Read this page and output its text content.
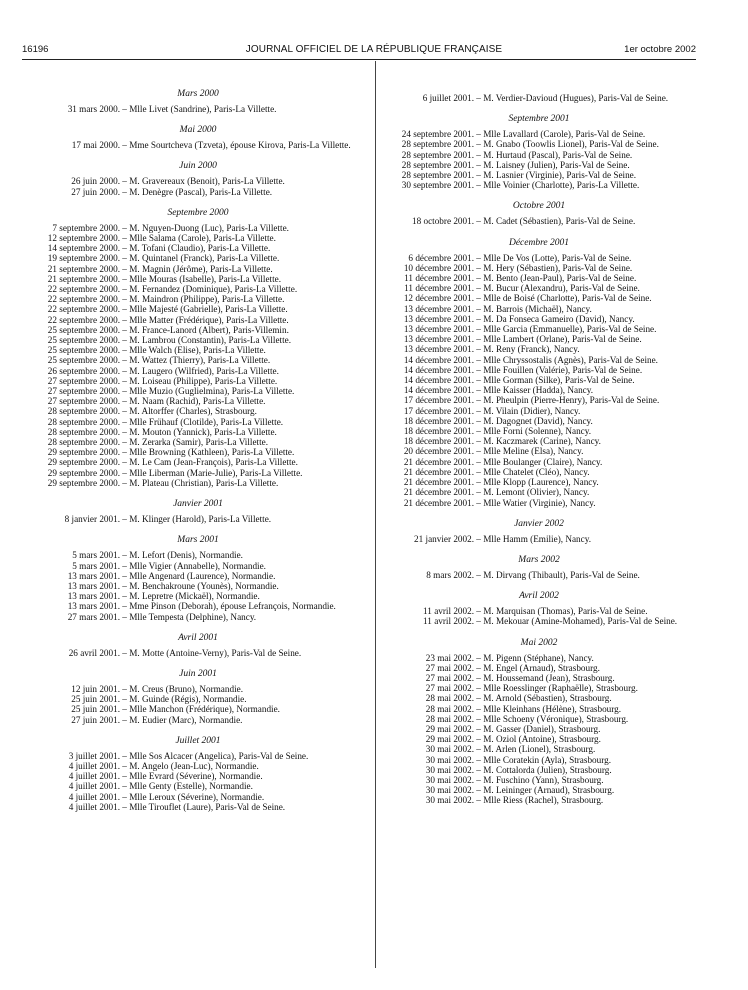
16196	JOURNAL OFFICIEL DE LA RÉPUBLIQUE FRANÇAISE	1er octobre 2002
Mars 2000
31 mars 2000. – Mlle Livet (Sandrine), Paris-La Villette.
Mai 2000
17 mai 2000. – Mme Sourtcheva (Tzveta), épouse Kirova, Paris-La Villette.
Juin 2000
26 juin 2000. – M. Gravereaux (Benoit), Paris-La Villette.
27 juin 2000. – M. Denègre (Pascal), Paris-La Villette.
Septembre 2000
7 septembre 2000. – M. Nguyen-Duong (Luc), Paris-La Villette.
12 septembre 2000. – Mlle Salama (Carole), Paris-La Villette.
14 septembre 2000. – M. Tofani (Claudio), Paris-La Villette.
19 septembre 2000. – M. Quintanel (Franck), Paris-La Villette.
21 septembre 2000. – M. Magnin (Jérôme), Paris-La Villette.
21 septembre 2000. – Mlle Mouras (Isabelle), Paris-La Villette.
22 septembre 2000. – M. Fernandez (Dominique), Paris-La Villette.
22 septembre 2000. – M. Maindron (Philippe), Paris-La Villette.
22 septembre 2000. – Mlle Majesté (Gabrielle), Paris-La Villette.
22 septembre 2000. – Mlle Matter (Frédérique), Paris-La Villette.
25 septembre 2000. – M. France-Lanord (Albert), Paris-Villemin.
25 septembre 2000. – M. Lambrou (Constantin), Paris-La Villette.
25 septembre 2000. – Mlle Walch (Elise), Paris-La Villette.
25 septembre 2000. – M. Wattez (Thierry), Paris-La Villette.
26 septembre 2000. – M. Laugero (Wilfried), Paris-La Villette.
27 septembre 2000. – M. Loiseau (Philippe), Paris-La Villette.
27 septembre 2000. – Mlle Muzio (Guglielmina), Paris-La Villette.
27 septembre 2000. – M. Naam (Rachid), Paris-La Villette.
28 septembre 2000. – M. Altorffer (Charles), Strasbourg.
28 septembre 2000. – Mlle Frühauf (Clotilde), Paris-La Villette.
28 septembre 2000. – M. Mouton (Yannick), Paris-La Villette.
28 septembre 2000. – M. Zerarka (Samir), Paris-La Villette.
29 septembre 2000. – Mlle Browning (Kathleen), Paris-La Villette.
29 septembre 2000. – M. Le Cam (Jean-François), Paris-La Villette.
29 septembre 2000. – Mlle Liberman (Marie-Julie), Paris-La Villette.
29 septembre 2000. – M. Plateau (Christian), Paris-La Villette.
Janvier 2001
8 janvier 2001. – M. Klinger (Harold), Paris-La Villette.
Mars 2001
5 mars 2001. – M. Lefort (Denis), Normandie.
5 mars 2001. – Mlle Vigier (Annabelle), Normandie.
13 mars 2001. – Mlle Angenard (Laurence), Normandie.
13 mars 2001. – M. Benchakroune (Younès), Normandie.
13 mars 2001. – M. Lepretre (Mickaël), Normandie.
13 mars 2001. – Mme Pinson (Deborah), épouse Lefrançois, Normandie.
27 mars 2001. – Mlle Tempesta (Delphine), Nancy.
Avril 2001
26 avril 2001. – M. Motte (Antoine-Verny), Paris-Val de Seine.
Juin 2001
12 juin 2001. – M. Creus (Bruno), Normandie.
25 juin 2001. – M. Guinde (Régis), Normandie.
25 juin 2001. – Mlle Manchon (Frédérique), Normandie.
27 juin 2001. – M. Eudier (Marc), Normandie.
Juillet 2001
3 juillet 2001. – Mlle Sos Alcacer (Angelica), Paris-Val de Seine.
4 juillet 2001. – M. Angelo (Jean-Luc), Normandie.
4 juillet 2001. – Mlle Evrard (Séverine), Normandie.
4 juillet 2001. – Mlle Genty (Estelle), Normandie.
4 juillet 2001. – Mlle Leroux (Séverine), Normandie.
4 juillet 2001. – Mlle Tirouflet (Laure), Paris-Val de Seine.
6 juillet 2001. – M. Verdier-Davioud (Hugues), Paris-Val de Seine.
Septembre 2001
24 septembre 2001. – Mlle Lavallard (Carole), Paris-Val de Seine.
28 septembre 2001. – M. Gnabo (Toowlis Lionel), Paris-Val de Seine.
28 septembre 2001. – M. Hurtaud (Pascal), Paris-Val de Seine.
28 septembre 2001. – M. Laisney (Julien), Paris-Val de Seine.
28 septembre 2001. – M. Lasnier (Virginie), Paris-Val de Seine.
30 septembre 2001. – Mlle Voinier (Charlotte), Paris-La Villette.
Octobre 2001
18 octobre 2001. – M. Cadet (Sébastien), Paris-Val de Seine.
Décembre 2001
6 décembre 2001. – Mlle De Vos (Lotte), Paris-Val de Seine.
10 décembre 2001. – M. Hery (Sébastien), Paris-Val de Seine.
11 décembre 2001. – M. Bento (Jean-Paul), Paris-Val de Seine.
11 décembre 2001. – M. Bucur (Alexandru), Paris-Val de Seine.
12 décembre 2001. – Mlle de Boisé (Charlotte), Paris-Val de Seine.
13 décembre 2001. – M. Barrois (Michaël), Nancy.
13 décembre 2001. – M. Da Fonseca Gameiro (David), Nancy.
13 décembre 2001. – Mlle Garcia (Emmanuelle), Paris-Val de Seine.
13 décembre 2001. – Mlle Lambert (Orlane), Paris-Val de Seine.
13 décembre 2001. – M. Reny (Franck), Nancy.
14 décembre 2001. – Mlle Chryssostalis (Agnès), Paris-Val de Seine.
14 décembre 2001. – Mlle Fouillen (Valérie), Paris-Val de Seine.
14 décembre 2001. – Mlle Gorman (Silke), Paris-Val de Seine.
14 décembre 2001. – Mlle Kaisser (Hadda), Nancy.
17 décembre 2001. – M. Pheulpin (Pierre-Henry), Paris-Val de Seine.
17 décembre 2001. – M. Vilain (Didier), Nancy.
18 décembre 2001. – M. Dagognet (David), Nancy.
18 décembre 2001. – Mlle Forni (Solenne), Nancy.
18 décembre 2001. – M. Kaczmarek (Carine), Nancy.
20 décembre 2001. – Mlle Meline (Elsa), Nancy.
21 décembre 2001. – Mlle Boulanger (Claire), Nancy.
21 décembre 2001. – Mlle Chatelet (Cléo), Nancy.
21 décembre 2001. – Mlle Klopp (Laurence), Nancy.
21 décembre 2001. – M. Lemont (Olivier), Nancy.
21 décembre 2001. – Mlle Watier (Virginie), Nancy.
Janvier 2002
21 janvier 2002. – Mlle Hamm (Emilie), Nancy.
Mars 2002
8 mars 2002. – M. Dirvang (Thibault), Paris-Val de Seine.
Avril 2002
11 avril 2002. – M. Marquisan (Thomas), Paris-Val de Seine.
11 avril 2002. – M. Mekouar (Amine-Mohamed), Paris-Val de Seine.
Mai 2002
23 mai 2002. – M. Pigenn (Stéphane), Nancy.
27 mai 2002. – M. Engel (Arnaud), Strasbourg.
27 mai 2002. – M. Houssemand (Jean), Strasbourg.
27 mai 2002. – Mlle Roesslinger (Raphaëlle), Strasbourg.
28 mai 2002. – M. Arnold (Sébastien), Strasbourg.
28 mai 2002. – Mlle Kleinhans (Hélène), Strasbourg.
28 mai 2002. – Mlle Schoeny (Véronique), Strasbourg.
29 mai 2002. – M. Gasser (Daniel), Strasbourg.
29 mai 2002. – M. Oziol (Antoine), Strasbourg.
30 mai 2002. – M. Arlen (Lionel), Strasbourg.
30 mai 2002. – Mlle Coratekin (Ayla), Strasbourg.
30 mai 2002. – M. Cottalorda (Julien), Strasbourg.
30 mai 2002. – M. Fuschino (Yann), Strasbourg.
30 mai 2002. – M. Leininger (Arnaud), Strasbourg.
30 mai 2002. – Mlle Riess (Rachel), Strasbourg.
